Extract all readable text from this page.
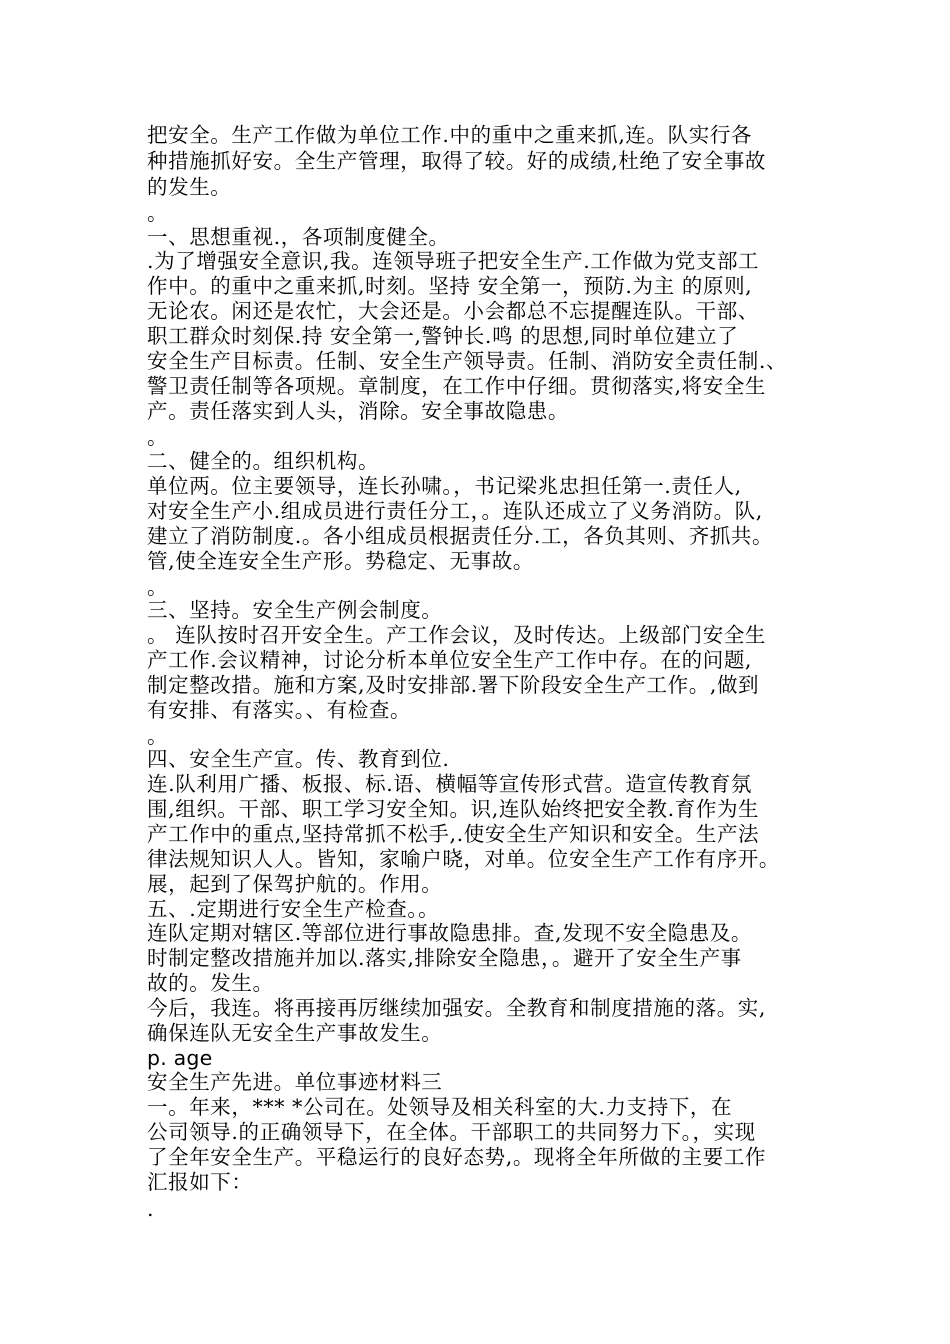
把安全。生产工作做为单位工作.中的重中之重来抓,连。队实行各

种措施抓好安。全生产管理，取得了较。好的成绩,杜绝了安全事故

的发生。

。

一、思想重视.，各项制度健全。

.为了增强安全意识,我。连领导班子把安全生产.工作做为党支部工

作中。的重中之重来抓,时刻。坚持 安全第一，预防.为主 的原则,

无论农。闲还是农忙，大会还是。小会都总不忘提醒连队。干部、

职工群众时刻保.持 安全第一,警钟长.鸣 的思想,同时单位建立了

安全生产目标责。任制、安全生产领导责。任制、消防安全责任制.、

警卫责任制等各项规。章制度，在工作中仔细。贯彻落实,将安全生

产。责任落实到人头，消除。安全事故隐患。

。

二、健全的。组织机构。

单位两。位主要领导，连长孙啸。，书记梁兆忠担任第一.责任人,

对安全生产小.组成员进行责任分工，。连队还成立了义务消防。队,

建立了消防制度.。各小组成员根据责任分.工，各负其则、齐抓共。

管,使全连安全生产形。势稳定、无事故。

。

三、坚持。安全生产例会制度。

。 连队按时召开安全生。产工作会议，及时传达。上级部门安全生

产工作.会议精神，讨论分析本单位安全生产工作中存。在的问题,

制定整改措。施和方案,及时安排部.署下阶段安全生产工作。,做到

有安排、有落实。、有检查。

。

四、安全生产宣。传、教育到位.

连.队利用广播、板报、标.语、横幅等宣传形式营。造宣传教育氛

围,组织。干部、职工学习安全知。识,连队始终把安全教.育作为生

产工作中的重点,坚持常抓不松手,.使安全生产知识和安全。生产法

律法规知识人人。皆知，家喻户晓，对单。位安全生产工作有序开。

展，起到了保驾护航的。作用。

五、.定期进行安全生产检查。。

连队定期对辖区.等部位进行事故隐患排。查,发现不安全隐患及。

时制定整改措施并加以.落实,排除安全隐患，。避开了安全生产事

故的。发生。

今后，我连。将再接再厉继续加强安。全教育和制度措施的落。实,

确保连队无安全生产事故发生。

p. age

安全生产先进。单位事迹材料三

一。年来，*** *公司在。处领导及相关科室的大.力支持下，在

公司领导.的正确领导下，在全体。干部职工的共同努力下。，实现

了全年安全生产。平稳运行的良好态势,。现将全年所做的主要工作

汇报如下：

.
